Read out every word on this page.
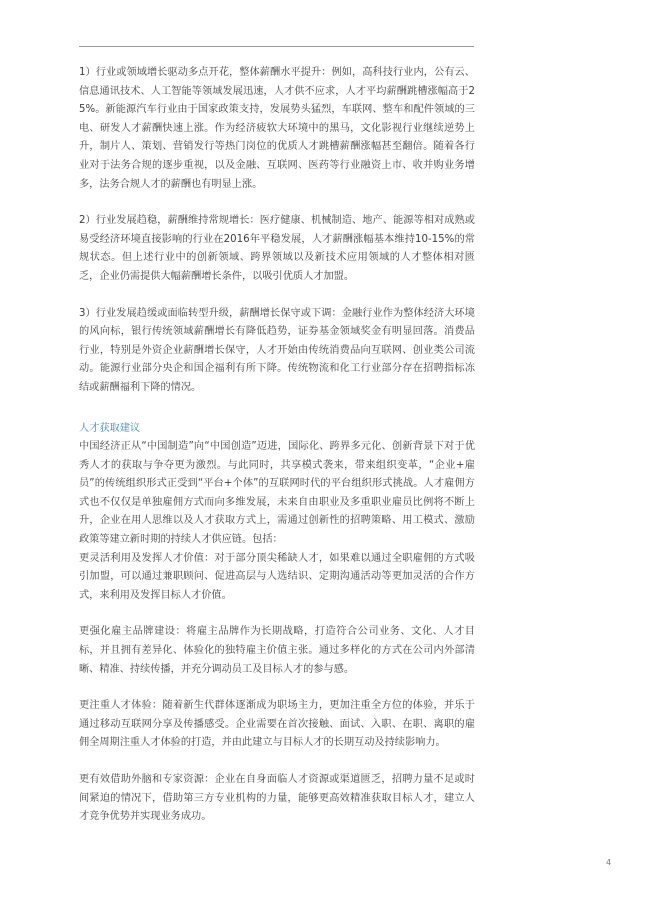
1）行业或领域增长驱动多点开花，整体薪酬水平提升：例如，高科技行业内，公有云、信息通讯技术、人工智能等领域发展迅速，人才供不应求，人才平均薪酬跳槽涨幅高于25%。新能源汽车行业由于国家政策支持，发展势头猛烈，车联网、整车和配件领域的三电、研发人才薪酬快速上涨。作为经济疲软大环境中的黑马，文化影视行业继续逆势上升，制片人、策划、营销发行等热门岗位的优质人才跳槽薪酬涨幅甚至翻倍。随着各行业对于法务合规的逐步重视，以及金融、互联网、医药等行业融资上市、收并购业务增多，法务合规人才的薪酬也有明显上涨。

2）行业发展趋稳，薪酬维持常规增长：医疗健康、机械制造、地产、能源等相对成熟或易受经济环境直接影响的行业在2016年平稳发展，人才薪酬涨幅基本维持10-15%的常规状态。但上述行业中的创新领域、跨界领域以及新技术应用领域的人才整体相对匮乏，企业仍需提供大幅薪酬增长条件，以吸引优质人才加盟。

3）行业发展趋缓或面临转型升级，薪酬增长保守或下调：金融行业作为整体经济大环境的风向标，银行传统领域薪酬增长有降低趋势，证券基金领域奖金有明显回落。消费品行业，特别是外资企业薪酬增长保守，人才开始由传统消费品向互联网、创业类公司流动。能源行业部分央企和国企福利有所下降。传统物流和化工行业部分存在招聘指标冻结或薪酬福利下降的情况。

人才获取建议

中国经济正从“中国制造”向“中国创造”迈进，国际化、跨界多元化、创新背景下对于优秀人才的获取与争夺更为激烈。与此同时，共享模式袭来，带来组织变革，“企业+雇员”的传统组织形式正受到“平台+个体”的互联网时代的平台组织形式挑战。人才雇佣方式也不仅仅是单独雇佣方式而向多维发展，未来自由职业及多重职业雇员比例将不断上升，企业在用人思维以及人才获取方式上，需通过创新性的招聘策略、用工模式、激励政策等建立新时期的持续人才供应链。包括：

更灵活利用及发挥人才价值：对于部分顶尖稀缺人才，如果难以通过全职雇佣的方式吸引加盟，可以通过兼职顾问、促进高层与人选结识、定期沟通活动等更加灵活的合作方式，来利用及发挥目标人才价值。

更强化雇主品牌建设：将雇主品牌作为长期战略，打造符合公司业务、文化、人才目标，并且拥有差异化、体验化的独特雇主价值主张。通过多样化的方式在公司内外部清晰、精准、持续传播，并充分调动员工及目标人才的参与感。

更注重人才体验：随着新生代群体逐渐成为职场主力，更加注重全方位的体验，并乐于通过移动互联网分享及传播感受。企业需要在首次接触、面试、入职、在职、离职的雇佣全周期注重人才体验的打造，并由此建立与目标人才的长期互动及持续影响力。

更有效借助外脑和专家资源：企业在自身面临人才资源或渠道匮乏，招聘力量不足或时间紧迫的情况下，借助第三方专业机构的力量，能够更高效精准获取目标人才，建立人才竞争优势并实现业务成功。

4
